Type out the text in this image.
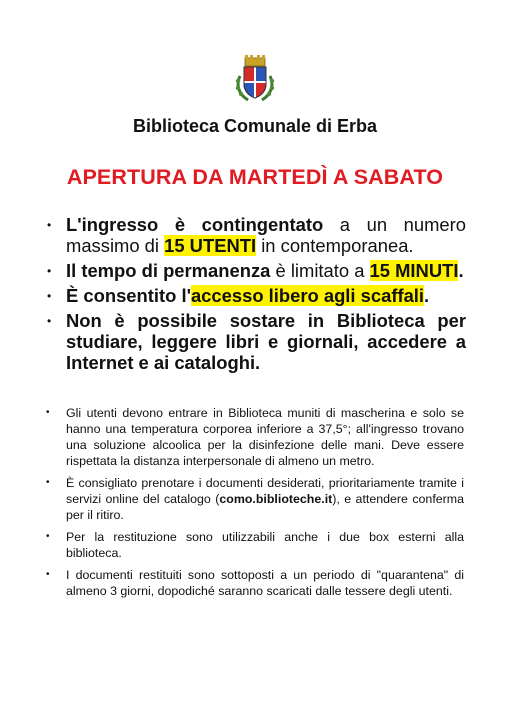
Biblioteca Comunale di Erba
APERTURA DA MARTEDÌ A SABATO
• L'ingresso è contingentato a un numero massimo di 15 UTENTI in contemporanea.
• Il tempo di permanenza è limitato a 15 MINUTI.
• È consentito l'accesso libero agli scaffali.
• Non è possibile sostare in Biblioteca per studiare, leggere libri e giornali, accedere a Internet e ai cataloghi.
• Gli utenti devono entrare in Biblioteca muniti di mascherina e solo se hanno una temperatura corporea inferiore a 37,5°; all'ingresso trovano una soluzione alcoolica per la disinfezione delle mani. Deve essere rispettata la distanza interpersonale di almeno un metro.
• È consigliato prenotare i documenti desiderati, prioritariamente tramite i servizi online del catalogo (como.biblioteche.it), e attendere conferma per il ritiro.
• Per la restituzione sono utilizzabili anche i due box esterni alla biblioteca.
• I documenti restituiti sono sottoposti a un periodo di "quarantena" di almeno 3 giorni, dopodiché saranno scaricati dalle tessere degli utenti.
